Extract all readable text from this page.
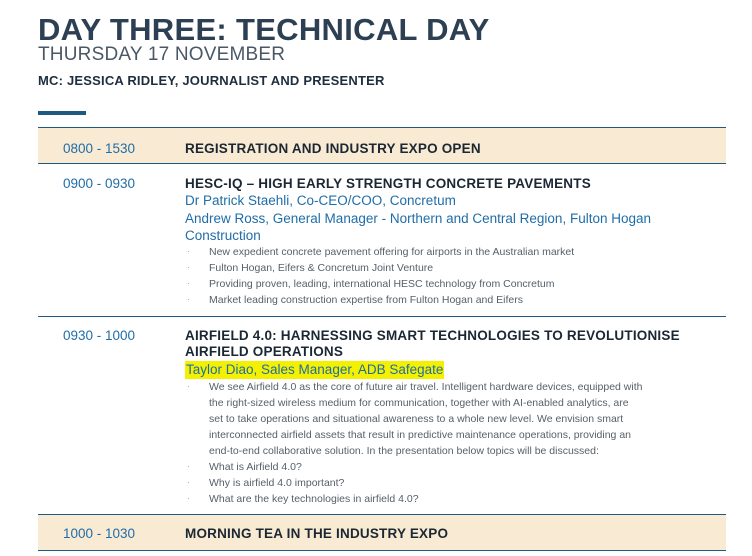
DAY THREE: TECHNICAL DAY
THURSDAY 17 NOVEMBER
MC: JESSICA RIDLEY, JOURNALIST AND PRESENTER
0800 - 1530	REGISTRATION AND INDUSTRY EXPO OPEN
0900 - 0930	HESC-IQ – HIGH EARLY STRENGTH CONCRETE PAVEMENTS
Dr Patrick Staehli, Co-CEO/COO, Concretum
Andrew Ross, General Manager - Northern and Central Region, Fulton Hogan
Construction
· New expedient concrete pavement offering for airports in the Australian market
· Fulton Hogan, Eifers & Concretum Joint Venture
· Providing proven, leading, international HESC technology from Concretum
· Market leading construction expertise from Fulton Hogan and Eifers
0930 - 1000	AIRFIELD 4.0: HARNESSING SMART TECHNOLOGIES TO REVOLUTIONISE
AIRFIELD OPERATIONS
Taylor Diao, Sales Manager, ADB Safegate
· We see Airfield 4.0 as the core of future air travel. Intelligent hardware devices, equipped with
the right-sized wireless medium for communication, together with AI-enabled analytics, are
set to take operations and situational awareness to a whole new level. We envision smart
interconnected airfield assets that result in predictive maintenance operations, providing an
end-to-end collaborative solution. In the presentation below topics will be discussed:
· What is Airfield 4.0?
· Why is airfield 4.0 important?
· What are the key technologies in airfield 4.0?
1000 - 1030	MORNING TEA IN THE INDUSTRY EXPO
